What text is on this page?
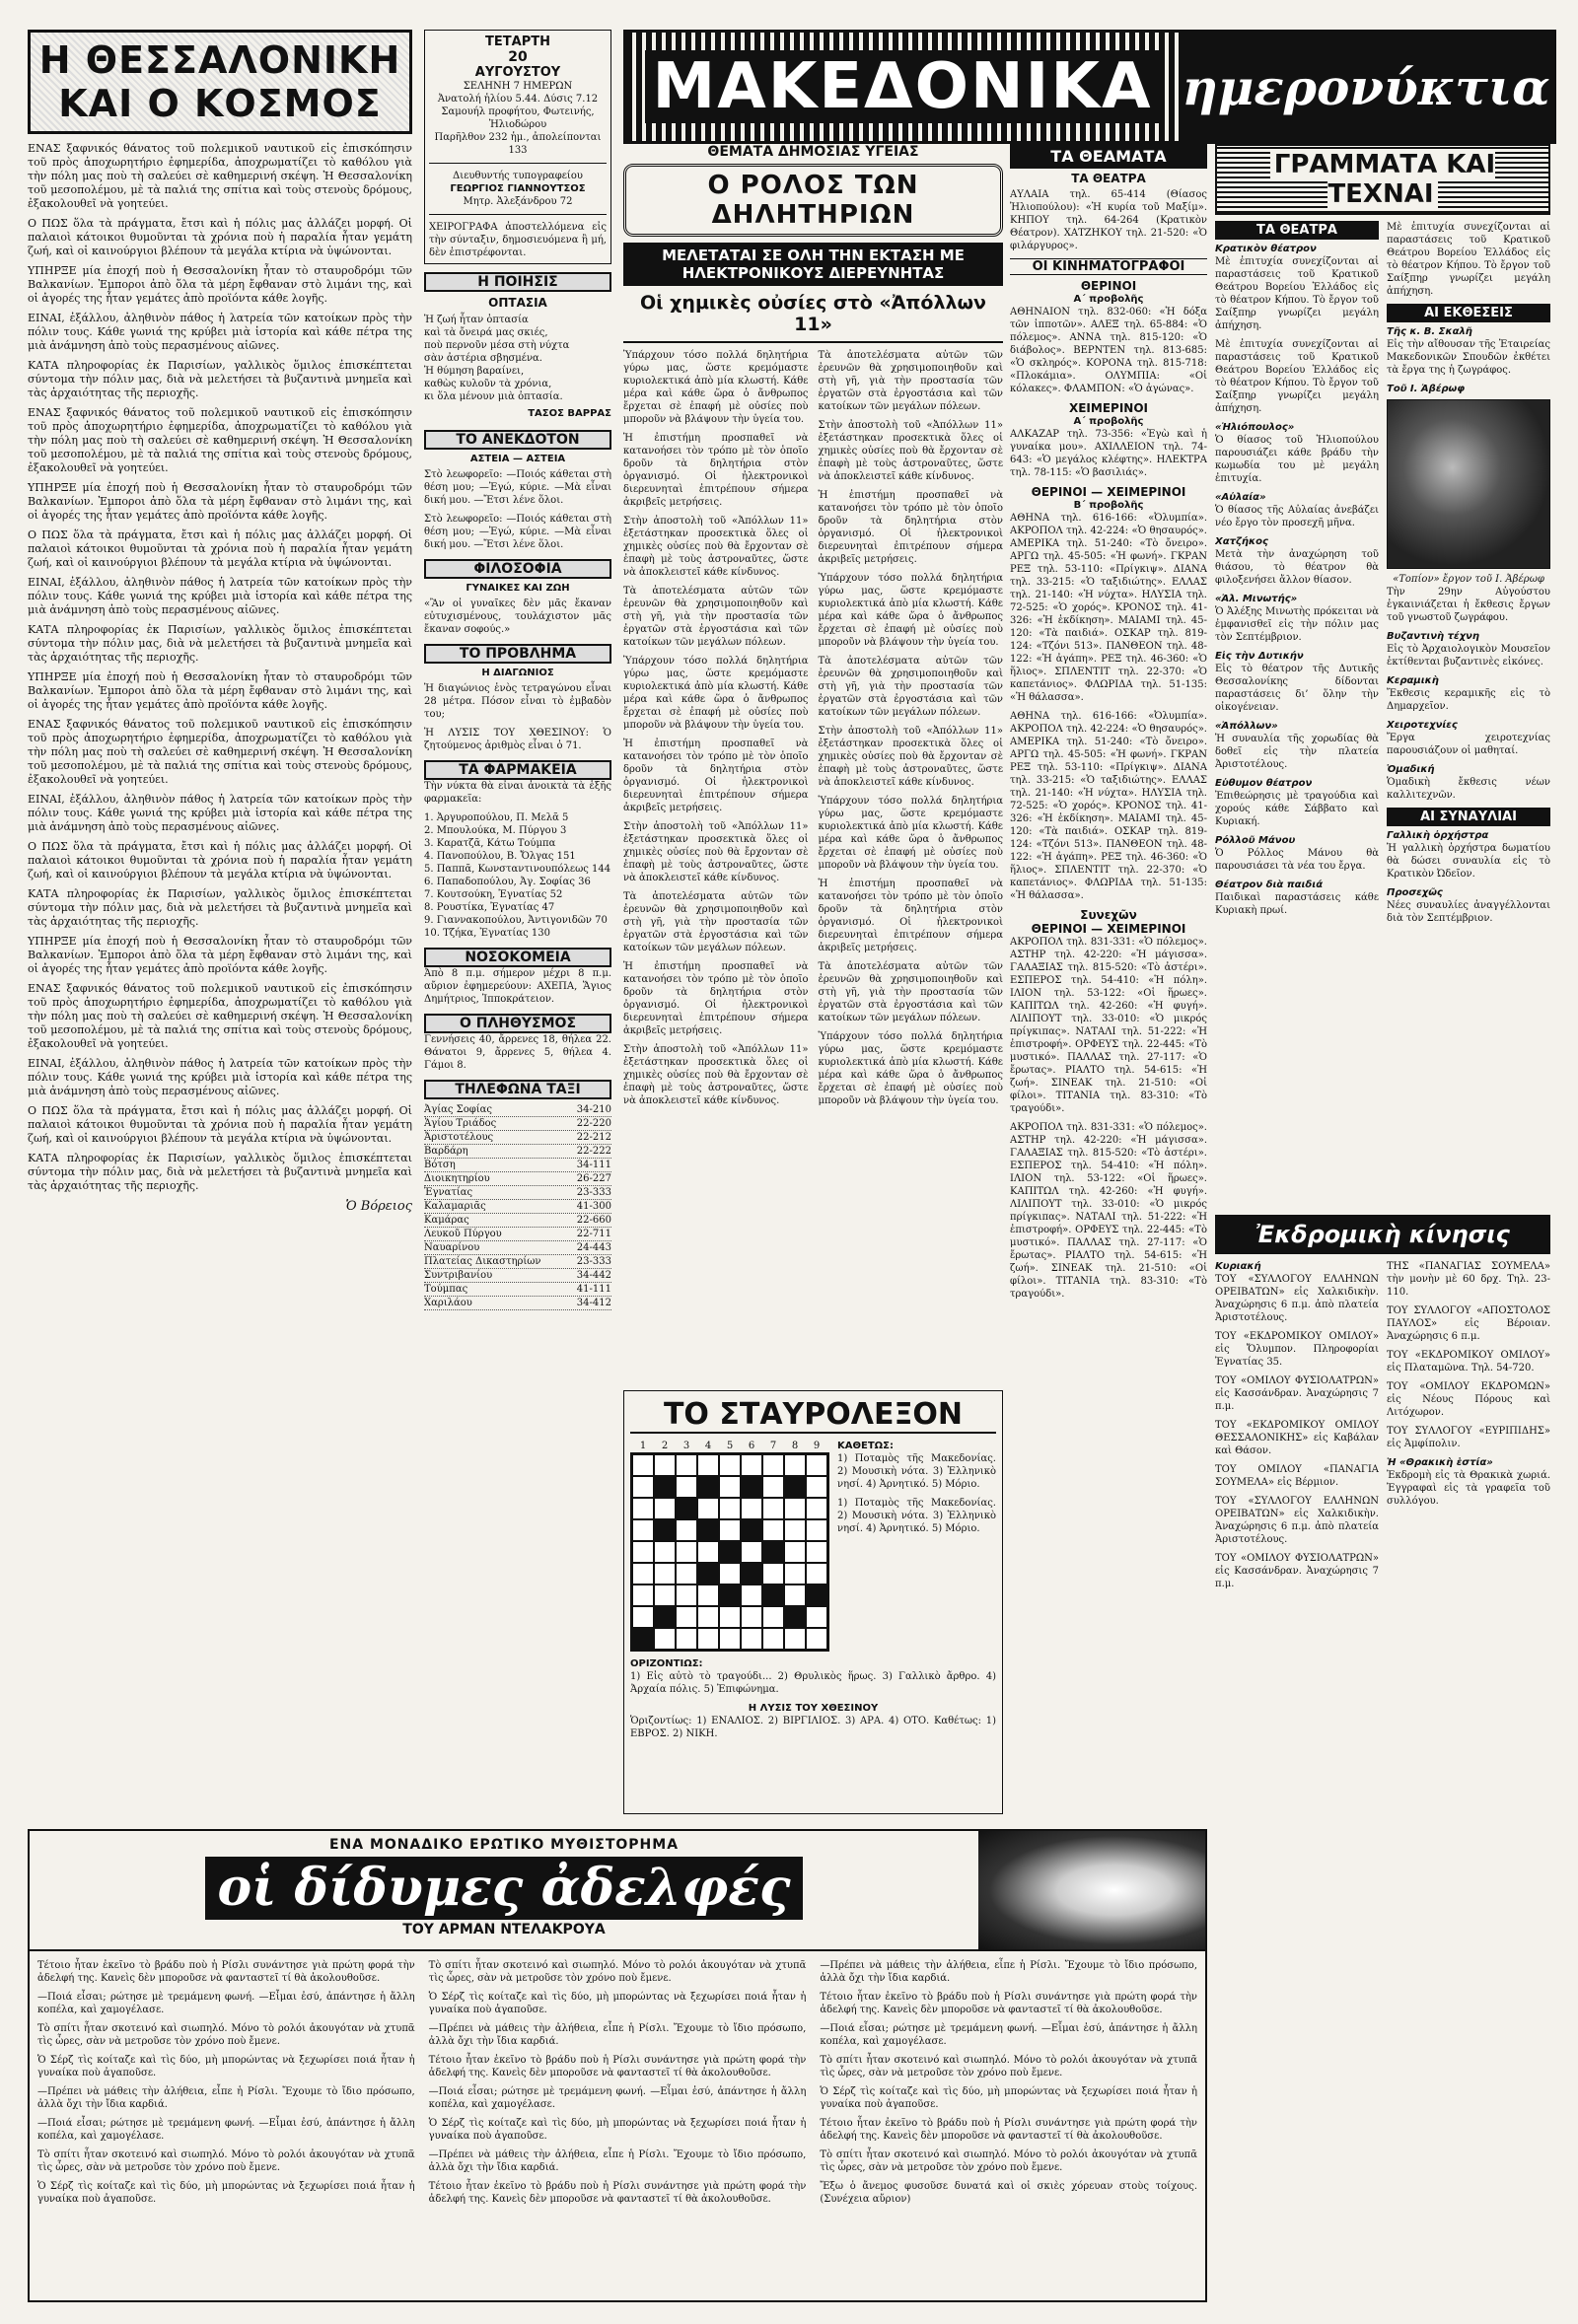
Η ΘΕΣΣΑΛΟΝΙΚΗ
ΚΑΙ Ο ΚΟΣΜΟΣ

ΕΝΑΣ ξαφνικός θάνατος τοῦ πολεμικοῦ ναυτικοῦ εἰς ἐπισκόπησιν τοῦ πρὸς ἀποχωρητήριο ἐφημερίδα, ἀποχρωματίζει τὸ καθόλου γιὰ τὴν πόλη μας ποὺ τὴ σαλεύει σὲ καθημερινή σκέψη. Ἡ Θεσσαλονίκη τοῦ μεσοπολέμου, μὲ τὰ παλιά της σπίτια καὶ τοὺς στενοὺς δρόμους, ἐξακολουθεῖ νὰ γοητεύει.

Ο ΠΩΣ ὅλα τὰ πράγματα, ἔτσι καὶ ἡ πόλις μας ἀλλάζει μορφή. Οἱ παλαιοὶ κάτοικοι θυμοῦνται τὰ χρόνια ποὺ ἡ παραλία ἦταν γεμάτη ζωή, καὶ οἱ καινούργιοι βλέπουν τὰ μεγάλα κτίρια νὰ ὑψώνονται.

ΥΠΗΡΞΕ μία ἐποχή ποὺ ἡ Θεσσαλονίκη ἦταν τὸ σταυροδρόμι τῶν Βαλκανίων. Ἐμποροι ἀπὸ ὅλα τὰ μέρη ἔφθαναν στὸ λιμάνι της, καὶ οἱ ἀγορές της ἦταν γεμάτες ἀπὸ προϊόντα κάθε λογῆς.

ΕΙΝΑΙ, ἐξάλλου, ἀληθινὸν πάθος ἡ λατρεία τῶν κατοίκων πρὸς τὴν πόλιν τους. Κάθε γωνιά της κρύβει μιὰ ἱστορία καὶ κάθε πέτρα της μιὰ ἀνάμνηση ἀπὸ τοὺς περασμένους αἰῶνες.

ΚΑΤΑ πληροφορίας ἐκ Παρισίων, γαλλικὸς ὅμιλος ἐπισκέπτεται σύντομα τὴν πόλιν μας, διὰ νὰ μελετήσει τὰ βυζαντινὰ μνημεῖα καὶ τὰς ἀρχαιότητας τῆς περιοχῆς.

ΕΝΑΣ ξαφνικός θάνατος τοῦ πολεμικοῦ ναυτικοῦ εἰς ἐπισκόπησιν τοῦ πρὸς ἀποχωρητήριο ἐφημερίδα, ἀποχρωματίζει τὸ καθόλου γιὰ τὴν πόλη μας ποὺ τὴ σαλεύει σὲ καθημερινή σκέψη. Ἡ Θεσσαλονίκη τοῦ μεσοπολέμου, μὲ τὰ παλιά της σπίτια καὶ τοὺς στενοὺς δρόμους, ἐξακολουθεῖ νὰ γοητεύει.

ΥΠΗΡΞΕ μία ἐποχή ποὺ ἡ Θεσσαλονίκη ἦταν τὸ σταυροδρόμι τῶν Βαλκανίων. Ἐμποροι ἀπὸ ὅλα τὰ μέρη ἔφθαναν στὸ λιμάνι της, καὶ οἱ ἀγορές της ἦταν γεμάτες ἀπὸ προϊόντα κάθε λογῆς.

Ο ΠΩΣ ὅλα τὰ πράγματα, ἔτσι καὶ ἡ πόλις μας ἀλλάζει μορφή. Οἱ παλαιοὶ κάτοικοι θυμοῦνται τὰ χρόνια ποὺ ἡ παραλία ἦταν γεμάτη ζωή, καὶ οἱ καινούργιοι βλέπουν τὰ μεγάλα κτίρια νὰ ὑψώνονται.

ΕΙΝΑΙ, ἐξάλλου, ἀληθινὸν πάθος ἡ λατρεία τῶν κατοίκων πρὸς τὴν πόλιν τους. Κάθε γωνιά της κρύβει μιὰ ἱστορία καὶ κάθε πέτρα της μιὰ ἀνάμνηση ἀπὸ τοὺς περασμένους αἰῶνες.

ΚΑΤΑ πληροφορίας ἐκ Παρισίων, γαλλικὸς ὅμιλος ἐπισκέπτεται σύντομα τὴν πόλιν μας, διὰ νὰ μελετήσει τὰ βυζαντινὰ μνημεῖα καὶ τὰς ἀρχαιότητας τῆς περιοχῆς.

ΥΠΗΡΞΕ μία ἐποχή ποὺ ἡ Θεσσαλονίκη ἦταν τὸ σταυροδρόμι τῶν Βαλκανίων. Ἐμποροι ἀπὸ ὅλα τὰ μέρη ἔφθαναν στὸ λιμάνι της, καὶ οἱ ἀγορές της ἦταν γεμάτες ἀπὸ προϊόντα κάθε λογῆς.

ΕΝΑΣ ξαφνικός θάνατος τοῦ πολεμικοῦ ναυτικοῦ εἰς ἐπισκόπησιν τοῦ πρὸς ἀποχωρητήριο ἐφημερίδα, ἀποχρωματίζει τὸ καθόλου γιὰ τὴν πόλη μας ποὺ τὴ σαλεύει σὲ καθημερινή σκέψη. Ἡ Θεσσαλονίκη τοῦ μεσοπολέμου, μὲ τὰ παλιά της σπίτια καὶ τοὺς στενοὺς δρόμους, ἐξακολουθεῖ νὰ γοητεύει.

ΕΙΝΑΙ, ἐξάλλου, ἀληθινὸν πάθος ἡ λατρεία τῶν κατοίκων πρὸς τὴν πόλιν τους. Κάθε γωνιά της κρύβει μιὰ ἱστορία καὶ κάθε πέτρα της μιὰ ἀνάμνηση ἀπὸ τοὺς περασμένους αἰῶνες.

Ο ΠΩΣ ὅλα τὰ πράγματα, ἔτσι καὶ ἡ πόλις μας ἀλλάζει μορφή. Οἱ παλαιοὶ κάτοικοι θυμοῦνται τὰ χρόνια ποὺ ἡ παραλία ἦταν γεμάτη ζωή, καὶ οἱ καινούργιοι βλέπουν τὰ μεγάλα κτίρια νὰ ὑψώνονται.

ΚΑΤΑ πληροφορίας ἐκ Παρισίων, γαλλικὸς ὅμιλος ἐπισκέπτεται σύντομα τὴν πόλιν μας, διὰ νὰ μελετήσει τὰ βυζαντινὰ μνημεῖα καὶ τὰς ἀρχαιότητας τῆς περιοχῆς.

ΥΠΗΡΞΕ μία ἐποχή ποὺ ἡ Θεσσαλονίκη ἦταν τὸ σταυροδρόμι τῶν Βαλκανίων. Ἐμποροι ἀπὸ ὅλα τὰ μέρη ἔφθαναν στὸ λιμάνι της, καὶ οἱ ἀγορές της ἦταν γεμάτες ἀπὸ προϊόντα κάθε λογῆς.

ΕΝΑΣ ξαφνικός θάνατος τοῦ πολεμικοῦ ναυτικοῦ εἰς ἐπισκόπησιν τοῦ πρὸς ἀποχωρητήριο ἐφημερίδα, ἀποχρωματίζει τὸ καθόλου γιὰ τὴν πόλη μας ποὺ τὴ σαλεύει σὲ καθημερινή σκέψη. Ἡ Θεσσαλονίκη τοῦ μεσοπολέμου, μὲ τὰ παλιά της σπίτια καὶ τοὺς στενοὺς δρόμους, ἐξακολουθεῖ νὰ γοητεύει.

ΕΙΝΑΙ, ἐξάλλου, ἀληθινὸν πάθος ἡ λατρεία τῶν κατοίκων πρὸς τὴν πόλιν τους. Κάθε γωνιά της κρύβει μιὰ ἱστορία καὶ κάθε πέτρα της μιὰ ἀνάμνηση ἀπὸ τοὺς περασμένους αἰῶνες.

Ο ΠΩΣ ὅλα τὰ πράγματα, ἔτσι καὶ ἡ πόλις μας ἀλλάζει μορφή. Οἱ παλαιοὶ κάτοικοι θυμοῦνται τὰ χρόνια ποὺ ἡ παραλία ἦταν γεμάτη ζωή, καὶ οἱ καινούργιοι βλέπουν τὰ μεγάλα κτίρια νὰ ὑψώνονται.

ΚΑΤΑ πληροφορίας ἐκ Παρισίων, γαλλικὸς ὅμιλος ἐπισκέπτεται σύντομα τὴν πόλιν μας, διὰ νὰ μελετήσει τὰ βυζαντινὰ μνημεῖα καὶ τὰς ἀρχαιότητας τῆς περιοχῆς.

Ὁ Βόρειος
ΤΕΤΑΡΤΗ
20
ΑΥΓΟΥΣΤΟΥ
ΣΕΛΗΝΗ 7 ΗΜΕΡΩΝ
Ἀνατολή ἡλίου 5.44. Δύσις 7.12
Σαμουήλ προφήτου, Φωτεινής, Ἡλιοδώρου
Παρῆλθον 232 ἡμ., ἀπολείπονται 133
Διευθυντής τυπογραφείου
ΓΕΩΡΓΙΟΣ ΓΙΑΝΝΟΥΤΣΟΣ
Μητρ. Ἀλεξάνδρου 72
ΧΕΙΡΟΓΡΑΦΑ ἀποστελλόμενα εἰς τὴν σύνταξιν, δημοσιευόμενα ἢ μή, δὲν ἐπιστρέφονται.
Η ΠΟΙΗΣΙΣ
ΟΠΤΑΣΙΑ
Ἡ ζωή ἦταν ὀπτασία
καὶ τὰ ὄνειρά μας σκιές,
ποὺ περνοῦν μέσα στὴ νύχτα
σὰν ἀστέρια σβησμένα.
Ἡ θύμηση βαραίνει,
καθὼς κυλοῦν τὰ χρόνια,
κι ὅλα μένουν μιὰ ὀπτασία.
ΤΑΣΟΣ ΒΑΡΡΑΣ
ΤΟ ΑΝΕΚΔΟΤΟΝ
ΑΣΤΕΙΑ — ΑΣΤΕΙΑ

Στὸ λεωφορεῖο: —Ποιός κάθεται στὴ θέση μου; —Ἐγώ, κύριε. —Μὰ εἶναι δική μου. —Ἔτσι λένε ὅλοι.

Στὸ λεωφορεῖο: —Ποιός κάθεται στὴ θέση μου; —Ἐγώ, κύριε. —Μὰ εἶναι δική μου. —Ἔτσι λένε ὅλοι.

ΦΙΛΟΣΟΦΙΑ
ΓΥΝΑΙΚΕΣ ΚΑΙ ΖΩΗ

«Ἂν οἱ γυναῖκες δὲν μᾶς ἔκαναν εὐτυχισμένους, τουλάχιστον μᾶς ἔκαναν σοφούς.»

ΤΟ ΠΡΟΒΛΗΜΑ
Η ΔΙΑΓΩΝΙΟΣ

Ἡ διαγώνιος ἑνὸς τετραγώνου εἶναι 28 μέτρα. Πόσον εἶναι τὸ ἐμβαδὸν του;

Ἡ ΛΥΣΙΣ ΤΟΥ ΧΘΕΣΙΝΟΥ: Ὁ ζητούμενος ἀριθμὸς εἶναι ὁ 71.

ΤΑ ΦΑΡΜΑΚΕΙΑ

Τὴν νύκτα θὰ εἶναι ἀνοικτὰ τὰ ἑξῆς φαρμακεῖα:

1. Ἀργυροπούλου, Π. Μελᾶ 5
2. Μπουλούκα, Μ. Πύργου 3
3. Καρατζᾶ, Κάτω Τούμπα
4. Πανοπούλου, Β. Ὄλγας 151
5. Παππᾶ, Κωνσταντινουπόλεως 144
6. Παπαδοπούλου, Ἀγ. Σοφίας 36
7. Κουτσούκη, Ἐγνατίας 52
8. Ρουστίκα, Ἐγνατίας 47
9. Γιαννακοπούλου, Ἀντιγονιδῶν 70
10. Τζήκα, Ἐγνατίας 130
ΝΟΣΟΚΟΜΕΙΑ

Ἀπὸ 8 π.μ. σήμερον μέχρι 8 π.μ. αὔριον ἐφημερεύουν: ΑΧΕΠΑ, Ἅγιος Δημήτριος, Ἱπποκράτειον.

Ο ΠΛΗΘΥΣΜΟΣ

Γεννήσεις 40, ἄρρενες 18, θήλεα 22. Θάνατοι 9, ἄρρενες 5, θήλεα 4. Γάμοι 8.

ΤΗΛΕΦΩΝΑ ΤΑΞΙ
Ἀγίας Σοφίας	34-210
Ἁγίου Τριάδος	22-220
Ἀριστοτέλους	22-212
Βαρδάρη	22-222
Βότση	34-111
Διοικητηρίου	26-227
Ἐγνατίας	23-333
Καλαμαριᾶς	41-300
Καμάρας	22-660
Λευκοῦ Πύργου	22-711
Ναυαρίνου	24-443
Πλατείας Δικαστηρίων	23-333
Συντριβανίου	34-442
Τούμπας	41-111
Χαριλάου	34-412
ΜΑΚΕΔΟΝΙΚΑ ημερονύκτια
ΘΕΜΑΤΑ ΔΗΜΟΣΙΑΣ ΥΓΕΙΑΣ
Ο ΡΟΛΟΣ ΤΩΝ ΔΗΛΗΤΗΡΙΩΝ
ΜΕΛΕΤΑΤΑΙ ΣΕ ΟΛΗ ΤΗΝ ΕΚΤΑΣΗ ΜΕ ΗΛΕΚΤΡΟΝΙΚΟΥΣ ΔΙΕΡΕΥΝΗΤΑΣ
Οἱ χημικὲς οὐσίες στὸ «Ἀπόλλων 11»

Ὑπάρχουν τόσο πολλά δηλητήρια γύρω μας, ὥστε κρεμόμαστε κυριολεκτικά ἀπὸ μία κλωστή. Κάθε μέρα καὶ κάθε ὥρα ὁ ἄνθρωπος ἔρχεται σὲ ἐπαφή μὲ οὐσίες ποὺ μποροῦν νὰ βλάψουν τὴν ὑγεία του.

Ἡ ἐπιστήμη προσπαθεῖ νὰ κατανοήσει τὸν τρόπο μὲ τὸν ὁποῖο δροῦν τὰ δηλητήρια στὸν ὀργανισμό. Οἱ ἠλεκτρονικοὶ διερευνηταὶ ἐπιτρέπουν σήμερα ἀκριβεῖς μετρήσεις.

Στὴν ἀποστολὴ τοῦ «Ἀπόλλων 11» ἐξετάστηκαν προσεκτικὰ ὅλες οἱ χημικὲς οὐσίες ποὺ θὰ ἔρχονταν σὲ ἐπαφὴ μὲ τοὺς ἀστροναῦτες, ὥστε νὰ ἀποκλειστεῖ κάθε κίνδυνος.

Τὰ ἀποτελέσματα αὐτῶν τῶν ἐρευνῶν θὰ χρησιμοποιηθοῦν καὶ στὴ γῆ, γιὰ τὴν προστασία τῶν ἐργατῶν στὰ ἐργοστάσια καὶ τῶν κατοίκων τῶν μεγάλων πόλεων.

Ὑπάρχουν τόσο πολλά δηλητήρια γύρω μας, ὥστε κρεμόμαστε κυριολεκτικά ἀπὸ μία κλωστή. Κάθε μέρα καὶ κάθε ὥρα ὁ ἄνθρωπος ἔρχεται σὲ ἐπαφή μὲ οὐσίες ποὺ μποροῦν νὰ βλάψουν τὴν ὑγεία του.

Ἡ ἐπιστήμη προσπαθεῖ νὰ κατανοήσει τὸν τρόπο μὲ τὸν ὁποῖο δροῦν τὰ δηλητήρια στὸν ὀργανισμό. Οἱ ἠλεκτρονικοὶ διερευνηταὶ ἐπιτρέπουν σήμερα ἀκριβεῖς μετρήσεις.

Στὴν ἀποστολὴ τοῦ «Ἀπόλλων 11» ἐξετάστηκαν προσεκτικὰ ὅλες οἱ χημικὲς οὐσίες ποὺ θὰ ἔρχονταν σὲ ἐπαφὴ μὲ τοὺς ἀστροναῦτες, ὥστε νὰ ἀποκλειστεῖ κάθε κίνδυνος.

Τὰ ἀποτελέσματα αὐτῶν τῶν ἐρευνῶν θὰ χρησιμοποιηθοῦν καὶ στὴ γῆ, γιὰ τὴν προστασία τῶν ἐργατῶν στὰ ἐργοστάσια καὶ τῶν κατοίκων τῶν μεγάλων πόλεων.

Ἡ ἐπιστήμη προσπαθεῖ νὰ κατανοήσει τὸν τρόπο μὲ τὸν ὁποῖο δροῦν τὰ δηλητήρια στὸν ὀργανισμό. Οἱ ἠλεκτρονικοὶ διερευνηταὶ ἐπιτρέπουν σήμερα ἀκριβεῖς μετρήσεις.

Στὴν ἀποστολὴ τοῦ «Ἀπόλλων 11» ἐξετάστηκαν προσεκτικὰ ὅλες οἱ χημικὲς οὐσίες ποὺ θὰ ἔρχονταν σὲ ἐπαφὴ μὲ τοὺς ἀστροναῦτες, ὥστε νὰ ἀποκλειστεῖ κάθε κίνδυνος.

Τὰ ἀποτελέσματα αὐτῶν τῶν ἐρευνῶν θὰ χρησιμοποιηθοῦν καὶ στὴ γῆ, γιὰ τὴν προστασία τῶν ἐργατῶν στὰ ἐργοστάσια καὶ τῶν κατοίκων τῶν μεγάλων πόλεων.

Στὴν ἀποστολὴ τοῦ «Ἀπόλλων 11» ἐξετάστηκαν προσεκτικὰ ὅλες οἱ χημικὲς οὐσίες ποὺ θὰ ἔρχονταν σὲ ἐπαφὴ μὲ τοὺς ἀστροναῦτες, ὥστε νὰ ἀποκλειστεῖ κάθε κίνδυνος.

Ἡ ἐπιστήμη προσπαθεῖ νὰ κατανοήσει τὸν τρόπο μὲ τὸν ὁποῖο δροῦν τὰ δηλητήρια στὸν ὀργανισμό. Οἱ ἠλεκτρονικοὶ διερευνηταὶ ἐπιτρέπουν σήμερα ἀκριβεῖς μετρήσεις.

Ὑπάρχουν τόσο πολλά δηλητήρια γύρω μας, ὥστε κρεμόμαστε κυριολεκτικά ἀπὸ μία κλωστή. Κάθε μέρα καὶ κάθε ὥρα ὁ ἄνθρωπος ἔρχεται σὲ ἐπαφή μὲ οὐσίες ποὺ μποροῦν νὰ βλάψουν τὴν ὑγεία του.

Τὰ ἀποτελέσματα αὐτῶν τῶν ἐρευνῶν θὰ χρησιμοποιηθοῦν καὶ στὴ γῆ, γιὰ τὴν προστασία τῶν ἐργατῶν στὰ ἐργοστάσια καὶ τῶν κατοίκων τῶν μεγάλων πόλεων.

Στὴν ἀποστολὴ τοῦ «Ἀπόλλων 11» ἐξετάστηκαν προσεκτικὰ ὅλες οἱ χημικὲς οὐσίες ποὺ θὰ ἔρχονταν σὲ ἐπαφὴ μὲ τοὺς ἀστροναῦτες, ὥστε νὰ ἀποκλειστεῖ κάθε κίνδυνος.

Ὑπάρχουν τόσο πολλά δηλητήρια γύρω μας, ὥστε κρεμόμαστε κυριολεκτικά ἀπὸ μία κλωστή. Κάθε μέρα καὶ κάθε ὥρα ὁ ἄνθρωπος ἔρχεται σὲ ἐπαφή μὲ οὐσίες ποὺ μποροῦν νὰ βλάψουν τὴν ὑγεία του.

Ἡ ἐπιστήμη προσπαθεῖ νὰ κατανοήσει τὸν τρόπο μὲ τὸν ὁποῖο δροῦν τὰ δηλητήρια στὸν ὀργανισμό. Οἱ ἠλεκτρονικοὶ διερευνηταὶ ἐπιτρέπουν σήμερα ἀκριβεῖς μετρήσεις.

Τὰ ἀποτελέσματα αὐτῶν τῶν ἐρευνῶν θὰ χρησιμοποιηθοῦν καὶ στὴ γῆ, γιὰ τὴν προστασία τῶν ἐργατῶν στὰ ἐργοστάσια καὶ τῶν κατοίκων τῶν μεγάλων πόλεων.

Ὑπάρχουν τόσο πολλά δηλητήρια γύρω μας, ὥστε κρεμόμαστε κυριολεκτικά ἀπὸ μία κλωστή. Κάθε μέρα καὶ κάθε ὥρα ὁ ἄνθρωπος ἔρχεται σὲ ἐπαφή μὲ οὐσίες ποὺ μποροῦν νὰ βλάψουν τὴν ὑγεία του.

ΤΟ ΣΤΑΥΡΟΛΕΞΟΝ
1	2	3	4	5	6	7	8	9	ΚΑΘΕΤΩΣ:

1) Ποταμὸς τῆς Μακεδονίας. 2) Μουσικὴ νότα. 3) Ἑλληνικὸ νησί. 4) Ἀρνητικό. 5) Μόριο.

1) Ποταμὸς τῆς Μακεδονίας. 2) Μουσικὴ νότα. 3) Ἑλληνικὸ νησί. 4) Ἀρνητικό. 5) Μόριο.

ΟΡΙΖΟΝΤΙΩΣ:

1) Εἰς αὐτὸ τὸ τραγούδι... 2) Θρυλικὸς ἥρως. 3) Γαλλικὸ ἄρθρο. 4) Ἀρχαία πόλις. 5) Ἐπιφώνημα.

Η ΛΥΣΙΣ ΤΟΥ ΧΘΕΣΙΝΟΥ

Ὁριζοντίως: 1) ΕΝΑΛΙΟΣ. 2) ΒΙΡΓΙΛΙΟΣ. 3) ΑΡΑ. 4) ΟΤΟ. Καθέτως: 1) ΕΒΡΟΣ. 2) ΝΙΚΗ.

ΤΑ ΘΕΑΜΑΤΑ
ΤΑ ΘΕΑΤΡΑ

ΑΥΛΑΙΑ τηλ. 65-414 (Θίασος Ἠλιοπούλου): «Ἡ κυρία τοῦ Μαξίμ». ΚΗΠΟΥ τηλ. 64-264 (Κρατικὸν Θέατρον). ΧΑΤΖΗΚΟΥ τηλ. 21-520: «Ὁ φιλάργυρος».

ΟΙ ΚΙΝΗΜΑΤΟΓΡΑΦΟΙ
ΘΕΡΙΝΟΙ
Α΄ προβολῆς

ΑΘΗΝΑΙΟΝ τηλ. 832-060: «Ἡ δόξα τῶν ἱπποτῶν». ΑΛΕΞ τηλ. 65-884: «Ὁ πόλεμος». ΑΝΝΑ τηλ. 815-120: «Ὁ διάβολος». ΒΕΡΝΤΕΝ τηλ. 813-685: «Ὁ σκληρός». ΚΟΡΟΝΑ τηλ. 815-718: «Πλοκάμια». ΟΛΥΜΠΙΑ: «Οἱ κόλακες». ΦΛΑΜΠΟΝ: «Ὁ ἀγώνας».

ΧΕΙΜΕΡΙΝΟΙ
Α΄ προβολῆς

ΑΛΚΑΖΑΡ τηλ. 73-356: «Ἐγὼ καὶ ἡ γυναίκα μου». ΑΧΙΛΛΕΙΟΝ τηλ. 74-643: «Ὁ μεγάλος κλέφτης». ΗΛΕΚΤΡΑ τηλ. 78-115: «Ὁ βασιλιάς».

ΘΕΡΙΝΟΙ — ΧΕΙΜΕΡΙΝΟΙ
Β΄ προβολῆς

ΑΘΗΝΑ τηλ. 616-166: «Ὀλυμπία». ΑΚΡΟΠΟΛ τηλ. 42-224: «Ὁ θησαυρός». ΑΜΕΡΙΚΑ τηλ. 51-240: «Τὸ ὄνειρο». ΑΡΓΩ τηλ. 45-505: «Ἡ φωνή». ΓΚΡΑΝ ΡΕΞ τηλ. 53-110: «Πρίγκιψ». ΔΙΑΝΑ τηλ. 33-215: «Ὁ ταξιδιώτης». ΕΛΛΑΣ τηλ. 21-140: «Ἡ νύχτα». ΗΛΥΣΙΑ τηλ. 72-525: «Ὁ χορός». ΚΡΟΝΟΣ τηλ. 41-326: «Ἡ ἐκδίκηση». ΜΑΙΑΜΙ τηλ. 45-120: «Τὰ παιδιά». ΟΣΚΑΡ τηλ. 819-124: «Τζόνι 513». ΠΑΝΘΕΟΝ τηλ. 48-122: «Ἡ ἀγάπη». ΡΕΞ τηλ. 46-360: «Ὁ ἥλιος». ΣΠΛΕΝΤΙΤ τηλ. 22-370: «Ὁ καπετάνιος». ΦΛΩΡΙΔΑ τηλ. 51-135: «Ἡ θάλασσα».

ΑΘΗΝΑ τηλ. 616-166: «Ὀλυμπία». ΑΚΡΟΠΟΛ τηλ. 42-224: «Ὁ θησαυρός». ΑΜΕΡΙΚΑ τηλ. 51-240: «Τὸ ὄνειρο». ΑΡΓΩ τηλ. 45-505: «Ἡ φωνή». ΓΚΡΑΝ ΡΕΞ τηλ. 53-110: «Πρίγκιψ». ΔΙΑΝΑ τηλ. 33-215: «Ὁ ταξιδιώτης». ΕΛΛΑΣ τηλ. 21-140: «Ἡ νύχτα». ΗΛΥΣΙΑ τηλ. 72-525: «Ὁ χορός». ΚΡΟΝΟΣ τηλ. 41-326: «Ἡ ἐκδίκηση». ΜΑΙΑΜΙ τηλ. 45-120: «Τὰ παιδιά». ΟΣΚΑΡ τηλ. 819-124: «Τζόνι 513». ΠΑΝΘΕΟΝ τηλ. 48-122: «Ἡ ἀγάπη». ΡΕΞ τηλ. 46-360: «Ὁ ἥλιος». ΣΠΛΕΝΤΙΤ τηλ. 22-370: «Ὁ καπετάνιος». ΦΛΩΡΙΔΑ τηλ. 51-135: «Ἡ θάλασσα».

Συνεχῶν
ΘΕΡΙΝΟΙ — ΧΕΙΜΕΡΙΝΟΙ

ΑΚΡΟΠΟΛ τηλ. 831-331: «Ὁ πόλεμος». ΑΣΤΗΡ τηλ. 42-220: «Ἡ μάγισσα». ΓΑΛΑΞΙΑΣ τηλ. 815-520: «Τὸ ἀστέρι». ΕΣΠΕΡΟΣ τηλ. 54-410: «Ἡ πόλη». ΙΛΙΟΝ τηλ. 53-122: «Οἱ ἥρωες». ΚΑΠΙΤΩΛ τηλ. 42-260: «Ἡ φυγή». ΛΙΛΙΠΟΥΤ τηλ. 33-010: «Ὁ μικρός πρίγκιπας». ΝΑΤΑΛΙ τηλ. 51-222: «Ἡ ἐπιστροφή». ΟΡΦΕΥΣ τηλ. 22-445: «Τὸ μυστικό». ΠΑΛΛΑΣ τηλ. 27-117: «Ὁ ἔρωτας». ΡΙΑΛΤΟ τηλ. 54-615: «Ἡ ζωή». ΣΙΝΕΑΚ τηλ. 21-510: «Οἱ φίλοι». ΤΙΤΑΝΙΑ τηλ. 83-310: «Τὸ τραγούδι».

ΑΚΡΟΠΟΛ τηλ. 831-331: «Ὁ πόλεμος». ΑΣΤΗΡ τηλ. 42-220: «Ἡ μάγισσα». ΓΑΛΑΞΙΑΣ τηλ. 815-520: «Τὸ ἀστέρι». ΕΣΠΕΡΟΣ τηλ. 54-410: «Ἡ πόλη». ΙΛΙΟΝ τηλ. 53-122: «Οἱ ἥρωες». ΚΑΠΙΤΩΛ τηλ. 42-260: «Ἡ φυγή». ΛΙΛΙΠΟΥΤ τηλ. 33-010: «Ὁ μικρός πρίγκιπας». ΝΑΤΑΛΙ τηλ. 51-222: «Ἡ ἐπιστροφή». ΟΡΦΕΥΣ τηλ. 22-445: «Τὸ μυστικό». ΠΑΛΛΑΣ τηλ. 27-117: «Ὁ ἔρωτας». ΡΙΑΛΤΟ τηλ. 54-615: «Ἡ ζωή». ΣΙΝΕΑΚ τηλ. 21-510: «Οἱ φίλοι». ΤΙΤΑΝΙΑ τηλ. 83-310: «Τὸ τραγούδι».

ΓΡΑΜΜΑΤΑ ΚΑΙ ΤΕΧΝΑΙ
ΤΑ ΘΕΑΤΡΑ
Κρατικὸν θέατρον

Μὲ ἐπιτυχία συνεχίζονται αἱ παραστάσεις τοῦ Κρατικοῦ Θεάτρου Βορείου Ἑλλάδος εἰς τὸ θέατρον Κήπου. Τὸ ἔργον τοῦ Σαίξπηρ γνωρίζει μεγάλη ἀπήχηση.

Μὲ ἐπιτυχία συνεχίζονται αἱ παραστάσεις τοῦ Κρατικοῦ Θεάτρου Βορείου Ἑλλάδος εἰς τὸ θέατρον Κήπου. Τὸ ἔργον τοῦ Σαίξπηρ γνωρίζει μεγάλη ἀπήχηση.

«Ἡλιόπουλος»

Ὁ θίασος τοῦ Ἡλιοπούλου παρουσιάζει κάθε βράδυ τὴν κωμωδία του μὲ μεγάλη ἐπιτυχία.

«Αὐλαία»

Ὁ θίασος τῆς Αὐλαίας ἀνεβάζει νέο ἔργο τὸν προσεχῆ μῆνα.

Χατζήκος

Μετὰ τὴν ἀναχώρηση τοῦ θιάσου, τὸ θέατρον θὰ φιλοξενήσει ἄλλον θίασον.

«Ἀλ. Μινωτής»

Ὁ Ἀλέξης Μινωτὴς πρόκειται νὰ ἐμφανισθεῖ εἰς τὴν πόλιν μας τὸν Σεπτέμβριον.

Εἰς τὴν Δυτικήν

Εἰς τὸ θέατρον τῆς Δυτικῆς Θεσσαλονίκης δίδονται παραστάσεις δι’ ὅλην τὴν οἰκογένειαν.

«Ἀπόλλων»

Ἡ συναυλία τῆς χορωδίας θὰ δοθεῖ εἰς τὴν πλατεία Ἀριστοτέλους.

Εὐθυμον θέατρον

Ἐπιθεώρησις μὲ τραγούδια καὶ χορούς κάθε Σάββατο καὶ Κυριακή.

Ρόλλοῦ Μάνου

Ὁ Ρόλλος Μάνου θὰ παρουσιάσει τὰ νέα του ἔργα.

Θέατρον διὰ παιδιά

Παιδικαὶ παραστάσεις κάθε Κυριακὴ πρωί.

Μὲ ἐπιτυχία συνεχίζονται αἱ παραστάσεις τοῦ Κρατικοῦ Θεάτρου Βορείου Ἑλλάδος εἰς τὸ θέατρον Κήπου. Τὸ ἔργον τοῦ Σαίξπηρ γνωρίζει μεγάλη ἀπήχηση.

ΑΙ ΕΚΘΕΣΕΙΣ
Τῆς κ. Β. Σκαλῆ

Εἰς τὴν αἴθουσαν τῆς Ἑταιρείας Μακεδονικῶν Σπουδῶν ἐκθέτει τὰ ἔργα της ἡ ζωγράφος.

Τοῦ Ι. Ἀβέρωφ
«Τοπίον» ἔργον τοῦ Ι. Ἀβέρωφ

Τὴν 29ην Αὐγούστου ἐγκαινιάζεται ἡ ἔκθεσις ἔργων τοῦ γνωστοῦ ζωγράφου.

Βυζαντινὴ τέχνη

Εἰς τὸ Ἀρχαιολογικὸν Μουσεῖον ἐκτίθενται βυζαντινὲς εἰκόνες.

Κεραμικὴ

Ἔκθεσις κεραμικῆς εἰς τὸ Δημαρχεῖον.

Χειροτεχνίες

Ἔργα χειροτεχνίας παρουσιάζουν οἱ μαθηταί.

Ὁμαδική

Ὁμαδικὴ ἔκθεσις νέων καλλιτεχνῶν.

ΑΙ ΣΥΝΑΥΛΙΑΙ
Γαλλικὴ ὀρχήστρα

Ἡ γαλλικὴ ὀρχήστρα δωματίου θὰ δώσει συναυλία εἰς τὸ Κρατικὸν Ὠδεῖον.

Προσεχῶς

Νέες συναυλίες ἀναγγέλλονται διὰ τὸν Σεπτέμβριον.

Ἐκδρομικὴ κίνησις
Κυριακή

ΤΟΥ «ΣΥΛΛΟΓΟΥ ΕΛΛΗΝΩΝ ΟΡΕΙΒΑΤΩΝ» εἰς Χαλκιδικὴν. Ἀναχώρησις 6 π.μ. ἀπὸ πλατεία Ἀριστοτέλους.

ΤΟΥ «ΕΚΔΡΟΜΙΚΟΥ ΟΜΙΛΟΥ» εἰς Ὄλυμπον. Πληροφορίαι Ἐγνατίας 35.

ΤΟΥ «ΟΜΙΛΟΥ ΦΥΣΙΟΛΑΤΡΩΝ» εἰς Κασσάνδραν. Ἀναχώρησις 7 π.μ.

ΤΟΥ «ΕΚΔΡΟΜΙΚΟΥ ΟΜΙΛΟΥ ΘΕΣΣΑΛΟΝΙΚΗΣ» εἰς Καβάλαν καὶ Θάσον.

ΤΟΥ ΟΜΙΛΟΥ «ΠΑΝΑΓΙΑ ΣΟΥΜΕΛΑ» εἰς Βέρμιον.

ΤΟΥ «ΣΥΛΛΟΓΟΥ ΕΛΛΗΝΩΝ ΟΡΕΙΒΑΤΩΝ» εἰς Χαλκιδικὴν. Ἀναχώρησις 6 π.μ. ἀπὸ πλατεία Ἀριστοτέλους.

ΤΟΥ «ΟΜΙΛΟΥ ΦΥΣΙΟΛΑΤΡΩΝ» εἰς Κασσάνδραν. Ἀναχώρησις 7 π.μ.

ΤΗΣ «ΠΑΝΑΓΙΑΣ ΣΟΥΜΕΛΑ» τὴν μονὴν μὲ 60 δρχ. Τηλ. 23-110.

ΤΟΥ ΣΥΛΛΟΓΟΥ «ΑΠΟΣΤΟΛΟΣ ΠΑΥΛΟΣ» εἰς Βέροιαν. Ἀναχώρησις 6 π.μ.

ΤΟΥ «ΕΚΔΡΟΜΙΚΟΥ ΟΜΙΛΟΥ» εἰς Πλαταμῶνα. Τηλ. 54-720.

ΤΟΥ «ΟΜΙΛΟΥ ΕΚΔΡΟΜΩΝ» εἰς Νέους Πόρους καὶ Λιτόχωρον.

ΤΟΥ ΣΥΛΛΟΓΟΥ «ΕΥΡΙΠΙΔΗΣ» εἰς Ἀμφίπολιν.

Ἡ «Θρακικὴ ἑστία»

Ἐκδρομὴ εἰς τὰ Θρακικὰ χωριά. Ἐγγραφαὶ εἰς τὰ γραφεῖα τοῦ συλλόγου.

ΕΝΑ ΜΟΝΑΔΙΚΟ ΕΡΩΤΙΚΟ ΜΥΘΙΣΤΟΡΗΜΑ
οἱ δίδυμες ἀδελφές
ΤΟΥ ΑΡΜΑΝ ΝΤΕΛΑΚΡΟΥΑ

Τέτοιο ἦταν ἐκεῖνο τὸ βράδυ ποὺ ἡ Ρίσλι συνάντησε γιὰ πρώτη φορά τὴν ἀδελφή της. Κανεὶς δὲν μποροῦσε νὰ φανταστεῖ τί θὰ ἀκολουθοῦσε.

—Ποιά εἶσαι; ρώτησε μὲ τρεμάμενη φωνή. —Εἶμαι ἐσύ, ἀπάντησε ἡ ἄλλη κοπέλα, καὶ χαμογέλασε.

Τὸ σπίτι ἦταν σκοτεινό καὶ σιωπηλό. Μόνο τὸ ρολόι ἀκουγόταν νὰ χτυπᾶ τὶς ὧρες, σὰν νὰ μετροῦσε τὸν χρόνο ποὺ ἔμενε.

Ὁ Σέρζ τὶς κοίταζε καὶ τὶς δύο, μὴ μπορώντας νὰ ξεχωρίσει ποιά ἦταν ἡ γυναίκα ποὺ ἀγαποῦσε.

—Πρέπει νὰ μάθεις τὴν ἀλήθεια, εἶπε ἡ Ρίσλι. Ἔχουμε τὸ ἴδιο πρόσωπο, ἀλλὰ ὄχι τὴν ἴδια καρδιά.

—Ποιά εἶσαι; ρώτησε μὲ τρεμάμενη φωνή. —Εἶμαι ἐσύ, ἀπάντησε ἡ ἄλλη κοπέλα, καὶ χαμογέλασε.

Τὸ σπίτι ἦταν σκοτεινό καὶ σιωπηλό. Μόνο τὸ ρολόι ἀκουγόταν νὰ χτυπᾶ τὶς ὧρες, σὰν νὰ μετροῦσε τὸν χρόνο ποὺ ἔμενε.

Ὁ Σέρζ τὶς κοίταζε καὶ τὶς δύο, μὴ μπορώντας νὰ ξεχωρίσει ποιά ἦταν ἡ γυναίκα ποὺ ἀγαποῦσε.

Τὸ σπίτι ἦταν σκοτεινό καὶ σιωπηλό. Μόνο τὸ ρολόι ἀκουγόταν νὰ χτυπᾶ τὶς ὧρες, σὰν νὰ μετροῦσε τὸν χρόνο ποὺ ἔμενε.

Ὁ Σέρζ τὶς κοίταζε καὶ τὶς δύο, μὴ μπορώντας νὰ ξεχωρίσει ποιά ἦταν ἡ γυναίκα ποὺ ἀγαποῦσε.

—Πρέπει νὰ μάθεις τὴν ἀλήθεια, εἶπε ἡ Ρίσλι. Ἔχουμε τὸ ἴδιο πρόσωπο, ἀλλὰ ὄχι τὴν ἴδια καρδιά.

Τέτοιο ἦταν ἐκεῖνο τὸ βράδυ ποὺ ἡ Ρίσλι συνάντησε γιὰ πρώτη φορά τὴν ἀδελφή της. Κανεὶς δὲν μποροῦσε νὰ φανταστεῖ τί θὰ ἀκολουθοῦσε.

—Ποιά εἶσαι; ρώτησε μὲ τρεμάμενη φωνή. —Εἶμαι ἐσύ, ἀπάντησε ἡ ἄλλη κοπέλα, καὶ χαμογέλασε.

Ὁ Σέρζ τὶς κοίταζε καὶ τὶς δύο, μὴ μπορώντας νὰ ξεχωρίσει ποιά ἦταν ἡ γυναίκα ποὺ ἀγαποῦσε.

—Πρέπει νὰ μάθεις τὴν ἀλήθεια, εἶπε ἡ Ρίσλι. Ἔχουμε τὸ ἴδιο πρόσωπο, ἀλλὰ ὄχι τὴν ἴδια καρδιά.

Τέτοιο ἦταν ἐκεῖνο τὸ βράδυ ποὺ ἡ Ρίσλι συνάντησε γιὰ πρώτη φορά τὴν ἀδελφή της. Κανεὶς δὲν μποροῦσε νὰ φανταστεῖ τί θὰ ἀκολουθοῦσε.

—Πρέπει νὰ μάθεις τὴν ἀλήθεια, εἶπε ἡ Ρίσλι. Ἔχουμε τὸ ἴδιο πρόσωπο, ἀλλὰ ὄχι τὴν ἴδια καρδιά.

Τέτοιο ἦταν ἐκεῖνο τὸ βράδυ ποὺ ἡ Ρίσλι συνάντησε γιὰ πρώτη φορά τὴν ἀδελφή της. Κανεὶς δὲν μποροῦσε νὰ φανταστεῖ τί θὰ ἀκολουθοῦσε.

—Ποιά εἶσαι; ρώτησε μὲ τρεμάμενη φωνή. —Εἶμαι ἐσύ, ἀπάντησε ἡ ἄλλη κοπέλα, καὶ χαμογέλασε.

Τὸ σπίτι ἦταν σκοτεινό καὶ σιωπηλό. Μόνο τὸ ρολόι ἀκουγόταν νὰ χτυπᾶ τὶς ὧρες, σὰν νὰ μετροῦσε τὸν χρόνο ποὺ ἔμενε.

Ὁ Σέρζ τὶς κοίταζε καὶ τὶς δύο, μὴ μπορώντας νὰ ξεχωρίσει ποιά ἦταν ἡ γυναίκα ποὺ ἀγαποῦσε.

Τέτοιο ἦταν ἐκεῖνο τὸ βράδυ ποὺ ἡ Ρίσλι συνάντησε γιὰ πρώτη φορά τὴν ἀδελφή της. Κανεὶς δὲν μποροῦσε νὰ φανταστεῖ τί θὰ ἀκολουθοῦσε.

Τὸ σπίτι ἦταν σκοτεινό καὶ σιωπηλό. Μόνο τὸ ρολόι ἀκουγόταν νὰ χτυπᾶ τὶς ὧρες, σὰν νὰ μετροῦσε τὸν χρόνο ποὺ ἔμενε.

Ἔξω ὁ ἄνεμος φυσοῦσε δυνατά καὶ οἱ σκιὲς χόρευαν στοὺς τοίχους. (Συνέχεια αὔριον)
